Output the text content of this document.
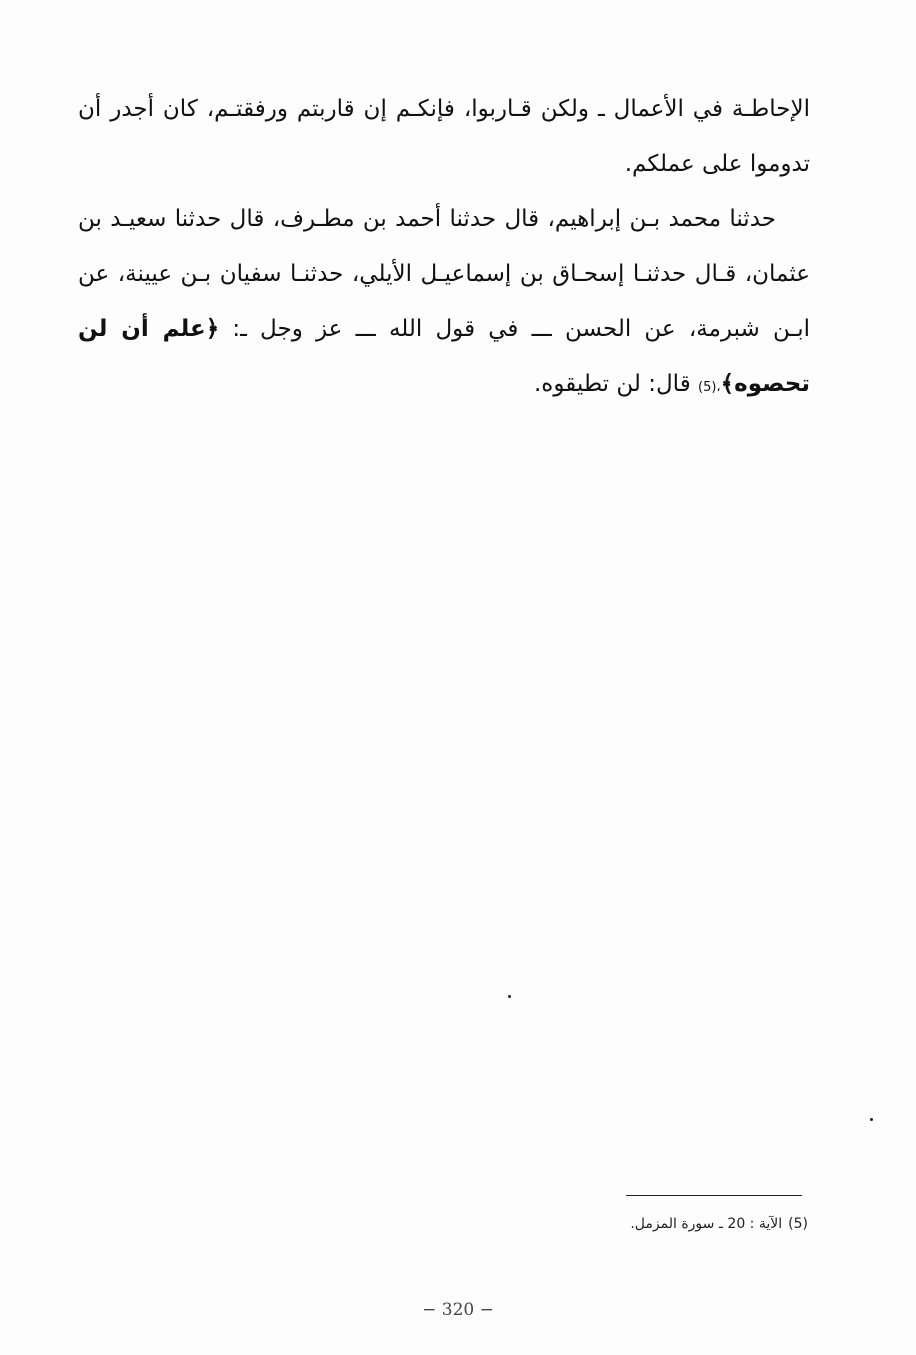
الإحاطـة في الأعمال ـ ولكن قـاربوا، فإنكـم إن قاربتم ورفقتـم، كان أجدر أن تدوموا على عملكم.

حدثنا محمد بـن إبراهيم، قال حدثنا أحمد بن مطـرف، قال حدثنا سعيـد بن عثمان، قـال حدثنـا إسحـاق بن إسماعيـل الأيلي، حدثنـا سفيان بـن عيينة، عن ابـن شبرمة، عن الحسن ـــ في قول الله ـــ عز وجل ـ: ﴿علم أن لن تحصوه﴾،(5) قال: لن تطيقوه.

(5)الآية : 20 ـ سورة المزمل.
− 320 −
